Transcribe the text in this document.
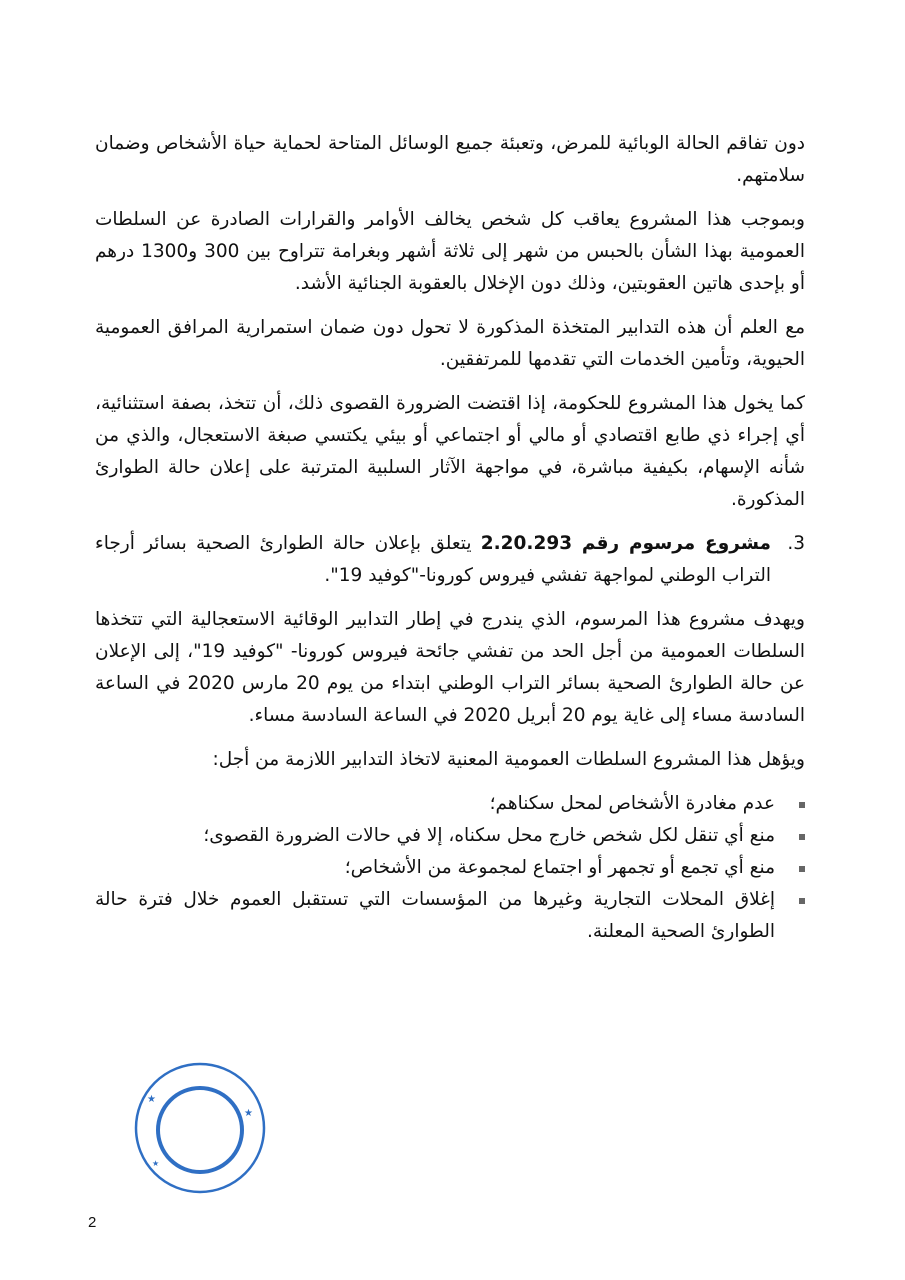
دون تفاقم الحالة الوبائية للمرض، وتعبئة جميع الوسائل المتاحة لحماية حياة الأشخاص وضمان سلامتهم.

وبموجب هذا المشروع يعاقب كل شخص يخالف الأوامر والقرارات الصادرة عن السلطات العمومية بهذا الشأن بالحبس من شهر إلى ثلاثة أشهر وبغرامة تتراوح بين 300 و1300 درهم أو بإحدى هاتين العقوبتين، وذلك دون الإخلال بالعقوبة الجنائية الأشد.

مع العلم أن هذه التدابير المتخذة المذكورة لا تحول دون ضمان استمرارية المرافق العمومية الحيوية، وتأمين الخدمات التي تقدمها للمرتفقين.

كما يخول هذا المشروع للحكومة، إذا اقتضت الضرورة القصوى ذلك، أن تتخذ، بصفة استثنائية، أي إجراء ذي طابع اقتصادي أو مالي أو اجتماعي أو بيئي يكتسي صبغة الاستعجال، والذي من شأنه الإسهام، بكيفية مباشرة، في مواجهة الآثار السلبية المترتبة على إعلان حالة الطوارئ المذكورة.

3.
مشروع مرسوم رقم 2.20.293 يتعلق بإعلان حالة الطوارئ الصحية بسائر أرجاء التراب الوطني لمواجهة تفشي فيروس كورونا-"كوفيد 19".

ويهدف مشروع هذا المرسوم، الذي يندرج في إطار التدابير الوقائية الاستعجالية التي تتخذها السلطات العمومية من أجل الحد من تفشي جائحة فيروس كورونا- "كوفيد 19"، إلى الإعلان عن حالة الطوارئ الصحية بسائر التراب الوطني ابتداء من يوم 20 مارس 2020 في الساعة السادسة مساء إلى غاية يوم 20 أبريل 2020 في الساعة السادسة مساء.

ويؤهل هذا المشروع السلطات العمومية المعنية لاتخاذ التدابير اللازمة من أجل:

عدم مغادرة الأشخاص لمحل سكناهم؛
منع أي تنقل لكل شخص خارج محل سكناه، إلا في حالات الضرورة القصوى؛
منع أي تجمع أو تجمهر أو اجتماع لمجموعة من الأشخاص؛
إغلاق المحلات التجارية وغيرها من المؤسسات التي تستقبل العموم خلال فترة حالة الطوارئ الصحية المعلنة.
★
★
★
2
